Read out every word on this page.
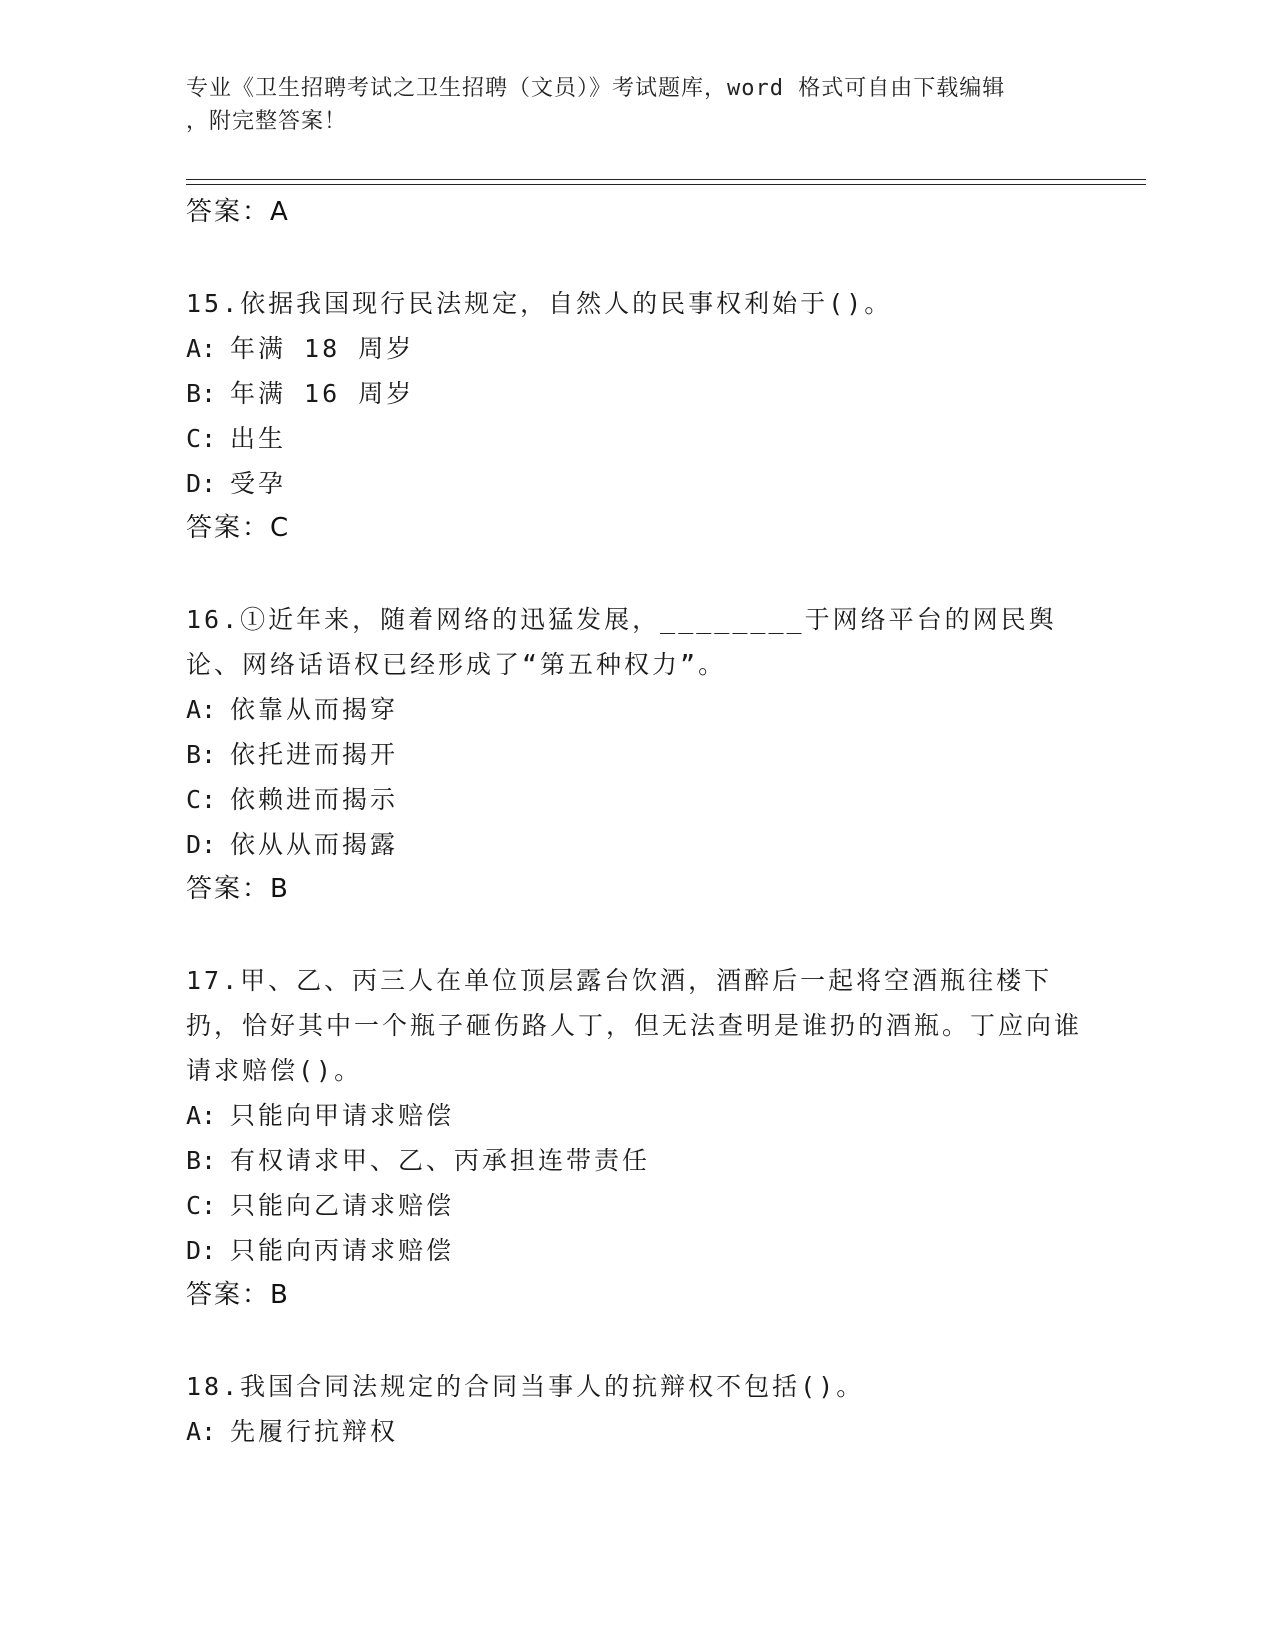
专业《卫生招聘考试之卫生招聘（文员）》考试题库，word 格式可自由下载编辑
，附完整答案！
答案：A
15.依据我国现行民法规定，自然人的民事权利始于()。
A: 年满 18 周岁
B: 年满 16 周岁
C: 出生
D: 受孕
答案：C
16.①近年来，随着网络的迅猛发展，________于网络平台的网民舆论、网络话语权已经形成了“第五种权力”。
A: 依靠从而揭穿
B: 依托进而揭开
C: 依赖进而揭示
D: 依从从而揭露
答案：B
17.甲、乙、丙三人在单位顶层露台饮酒，酒醉后一起将空酒瓶往楼下扔，恰好其中一个瓶子砸伤路人丁，但无法查明是谁扔的酒瓶。丁应向谁请求赔偿()。
A: 只能向甲请求赔偿
B: 有权请求甲、乙、丙承担连带责任
C: 只能向乙请求赔偿
D: 只能向丙请求赔偿
答案：B
18.我国合同法规定的合同当事人的抗辩权不包括()。
A: 先履行抗辩权
